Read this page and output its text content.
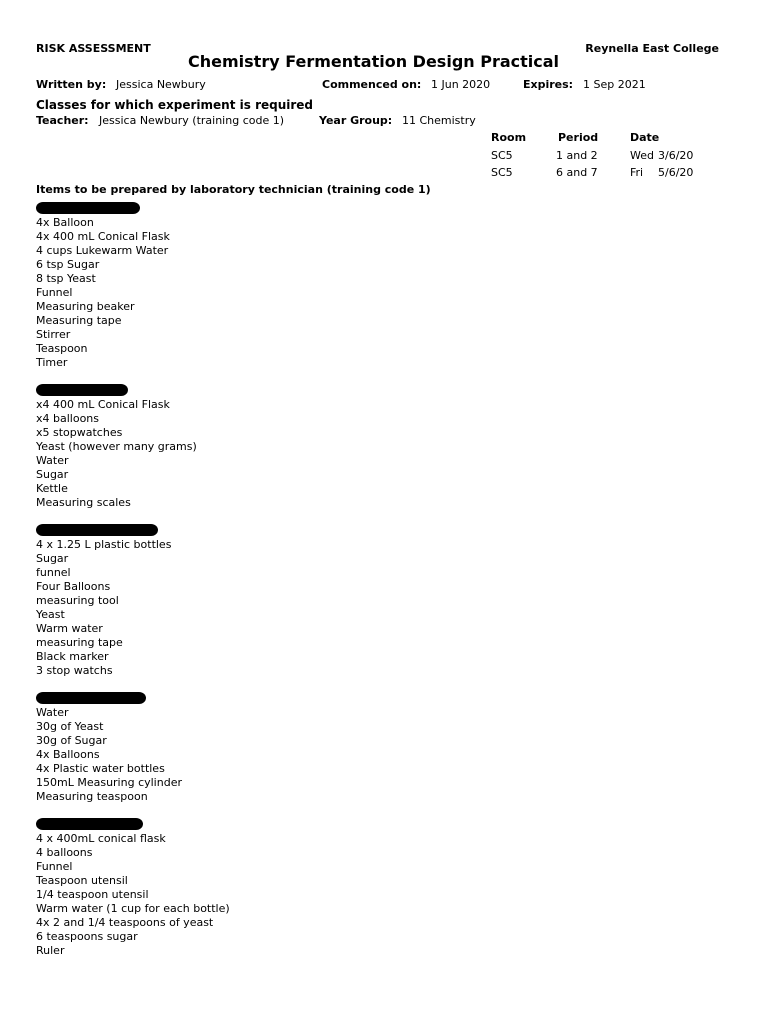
RISK ASSESSMENT	Reynella East College
Chemistry Fermentation Design Practical
Written by: Jessica Newbury	Commenced on: 1 Jun 2020	Expires: 1 Sep 2021
Classes for which experiment is required
Teacher: Jessica Newbury (training code 1)	Year Group: 11 Chemistry
Room	Period	Date
SC5	1 and 2	Wed 3/6/20
SC5	6 and 7	Fri 5/6/20
Items to be prepared by laboratory technician (training code 1)
4x Balloon
4x 400 mL Conical Flask
4 cups Lukewarm Water
6 tsp Sugar
8 tsp Yeast
Funnel
Measuring beaker
Measuring tape
Stirrer
Teaspoon
Timer
x4 400 mL Conical Flask
x4 balloons
x5 stopwatches
Yeast (however many grams)
Water
Sugar
Kettle
Measuring scales
4 x 1.25 L plastic bottles
Sugar
funnel
Four Balloons
measuring tool
Yeast
Warm water
measuring tape
Black marker
3 stop watchs
Water
30g of Yeast
30g of Sugar
4x Balloons
4x Plastic water bottles
150mL Measuring cylinder
Measuring teaspoon
4 x 400mL conical flask
4 balloons
Funnel
Teaspoon utensil
1/4 teaspoon utensil
Warm water (1 cup for each bottle)
4x 2 and 1/4 teaspoons of yeast
6 teaspoons sugar
Ruler
